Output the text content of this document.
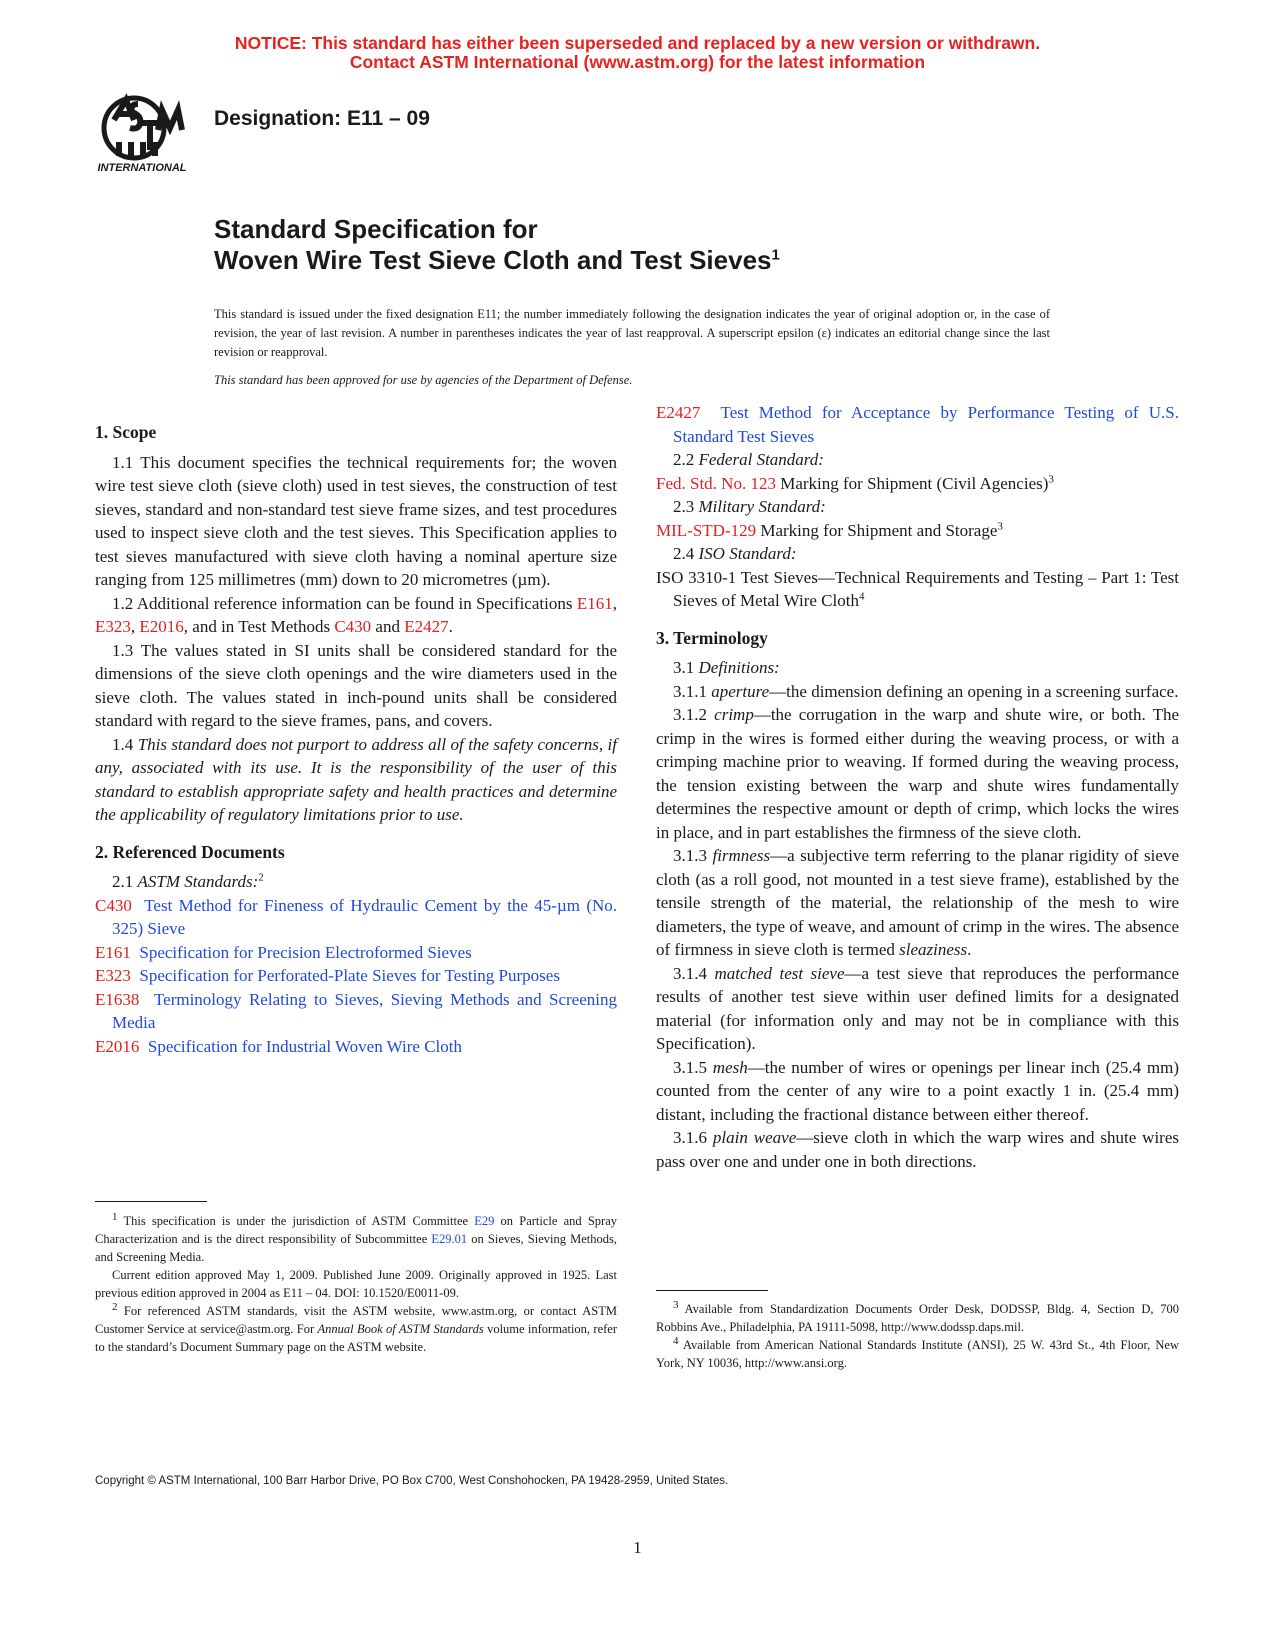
NOTICE: This standard has either been superseded and replaced by a new version or withdrawn.
Contact ASTM International (www.astm.org) for the latest information
INTERNATIONAL
Designation: E11 – 09
Standard Specification for
Woven Wire Test Sieve Cloth and Test Sieves$^1$
This standard is issued under the fixed designation E11; the number immediately following the designation indicates the year of original adoption or, in the case of revision, the year of last revision. A number in parentheses indicates the year of last reapproval. A superscript epsilon (ε) indicates an editorial change since the last revision or reapproval.
This standard has been approved for use by agencies of the Department of Defense.
1. Scope

1.1 This document specifies the technical requirements for; the woven wire test sieve cloth (sieve cloth) used in test sieves, the construction of test sieves, standard and non-standard test sieve frame sizes, and test procedures used to inspect sieve cloth and the test sieves. This Specification applies to test sieves manufactured with sieve cloth having a nominal aperture size ranging from 125 millimetres (mm) down to 20 micrometres (µm).

1.2 Additional reference information can be found in Specifications E161, E323, E2016, and in Test Methods C430 and E2427.

1.3 The values stated in SI units shall be considered standard for the dimensions of the sieve cloth openings and the wire diameters used in the sieve cloth. The values stated in inch-pound units shall be considered standard with regard to the sieve frames, pans, and covers.

1.4 This standard does not purport to address all of the safety concerns, if any, associated with its use. It is the responsibility of the user of this standard to establish appropriate safety and health practices and determine the applicability of regulatory limitations prior to use.

2. Referenced Documents

2.1 ASTM Standards:$^2$

C430 Test Method for Fineness of Hydraulic Cement by the 45-µm (No. 325) Sieve

E161 Specification for Precision Electroformed Sieves

E323 Specification for Perforated-Plate Sieves for Testing Purposes

E1638 Terminology Relating to Sieves, Sieving Methods and Screening Media

E2016 Specification for Industrial Woven Wire Cloth

$^1$ This specification is under the jurisdiction of ASTM Committee E29 on Particle and Spray Characterization and is the direct responsibility of Subcommittee E29.01 on Sieves, Sieving Methods, and Screening Media.

Current edition approved May 1, 2009. Published June 2009. Originally approved in 1925. Last previous edition approved in 2004 as E11 – 04. DOI: 10.1520/E0011-09.

$^2$ For referenced ASTM standards, visit the ASTM website, www.astm.org, or contact ASTM Customer Service at service@astm.org. For Annual Book of ASTM Standards volume information, refer to the standard’s Document Summary page on the ASTM website.

E2427 Test Method for Acceptance by Performance Testing of U.S. Standard Test Sieves

2.2 Federal Standard:

Fed. Std. No. 123 Marking for Shipment (Civil Agencies)$^3$

2.3 Military Standard:

MIL-STD-129 Marking for Shipment and Storage$^3$

2.4 ISO Standard:

ISO 3310-1 Test Sieves—Technical Requirements and Testing – Part 1: Test Sieves of Metal Wire Cloth$^4$

3. Terminology

3.1 Definitions:

3.1.1 aperture—the dimension defining an opening in a screening surface.

3.1.2 crimp—the corrugation in the warp and shute wire, or both. The crimp in the wires is formed either during the weaving process, or with a crimping machine prior to weaving. If formed during the weaving process, the tension existing between the warp and shute wires fundamentally determines the respective amount or depth of crimp, which locks the wires in place, and in part establishes the firmness of the sieve cloth.

3.1.3 firmness—a subjective term referring to the planar rigidity of sieve cloth (as a roll good, not mounted in a test sieve frame), established by the tensile strength of the material, the relationship of the mesh to wire diameters, the type of weave, and amount of crimp in the wires. The absence of firmness in sieve cloth is termed sleaziness.

3.1.4 matched test sieve—a test sieve that reproduces the performance results of another test sieve within user defined limits for a designated material (for information only and may not be in compliance with this Specification).

3.1.5 mesh—the number of wires or openings per linear inch (25.4 mm) counted from the center of any wire to a point exactly 1 in. (25.4 mm) distant, including the fractional distance between either thereof.

3.1.6 plain weave—sieve cloth in which the warp wires and shute wires pass over one and under one in both directions.

$^3$ Available from Standardization Documents Order Desk, DODSSP, Bldg. 4, Section D, 700 Robbins Ave., Philadelphia, PA 19111-5098, http://www.dodssp.daps.mil.

$^4$ Available from American National Standards Institute (ANSI), 25 W. 43rd St., 4th Floor, New York, NY 10036, http://www.ansi.org.

Copyright © ASTM International, 100 Barr Harbor Drive, PO Box C700, West Conshohocken, PA 19428-2959, United States.
1
